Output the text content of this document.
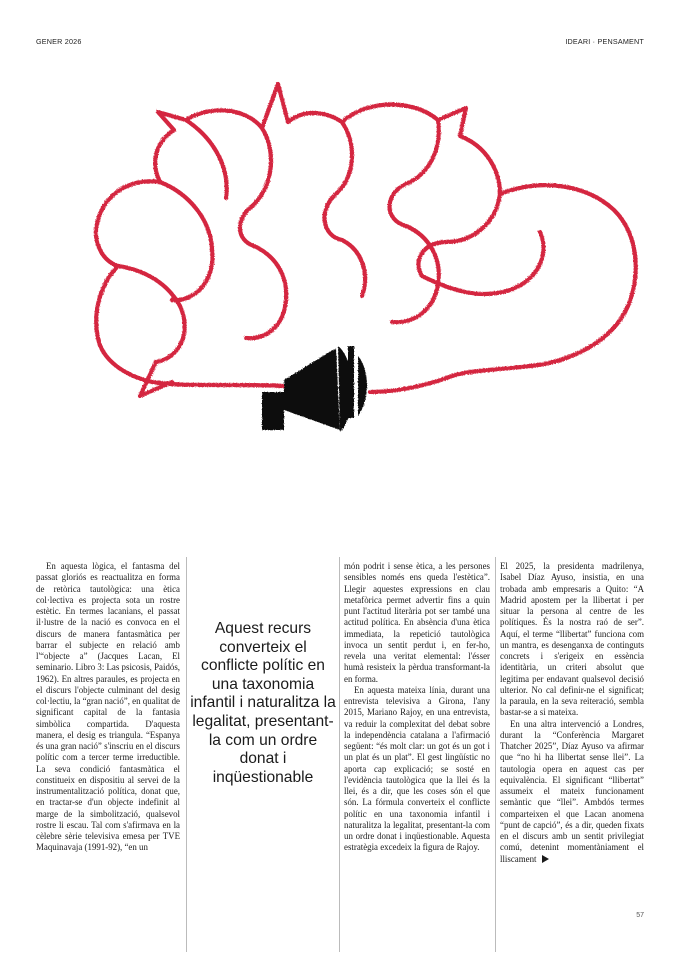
GENER 2026	IDEARI · PENSAMENT

En aquesta lògica, el fantasma del passat gloriós es reactualitza en forma de retòrica tautològica: una ètica col·lectiva es projecta sota un rostre estètic. En termes lacanians, el passat il·lustre de la nació es convoca en el discurs de manera fantasmàtica per barrar el subjecte en relació amb l'“objecte a” (Jacques Lacan, El seminario. Libro 3: Las psicosis, Paidós, 1962). En altres paraules, es projecta en el discurs l'objecte culminant del desig col·lectiu, la “gran nació”, en qualitat de significant capital de la fantasia simbòlica compartida. D'aquesta manera, el desig es triangula. “Espanya és una gran nació” s'inscriu en el discurs polític com a tercer terme irreductible. La seva condició fantasmàtica el constitueix en dispositiu al servei de la instrumentalització política, donat que, en tractar-se d'un objecte indefinit al marge de la simbolització, qualsevol rostre li escau. Tal com s'afirmava en la cèlebre sèrie televisiva emesa per TVE Maquinavaja (1991-92), “en un

Aquest recurs converteix el conflicte polític en una taxonomia infantil i naturalitza la legalitat, presentant-la com un ordre donat i inqüestionable

món podrit i sense ètica, a les persones sensibles només ens queda l'estètica”. Llegir aquestes expressions en clau metafòrica permet advertir fins a quin punt l'actitud literària pot ser també una actitud política. En absència d'una ètica immediata, la repetició tautològica invoca un sentit perdut i, en fer-ho, revela una veritat elemental: l'ésser humà resisteix la pèrdua transformant-la en forma.

En aquesta mateixa línia, durant una entrevista televisiva a Girona, l'any 2015, Mariano Rajoy, en una entrevista, va reduir la complexitat del debat sobre la independència catalana a l'afirmació següent: “és molt clar: un got és un got i un plat és un plat”. El gest lingüístic no aporta cap explicació; se sosté en l'evidència tautològica que la llei és la llei, és a dir, que les coses són el que són. La fórmula converteix el conflicte polític en una taxonomia infantil i naturalitza la legalitat, presentant-la com un ordre donat i inqüestionable. Aquesta estratègia excedeix la figura de Rajoy.

El 2025, la presidenta madrilenya, Isabel Díaz Ayuso, insistia, en una trobada amb empresaris a Quito: “A Madrid apostem per la llibertat i per situar la persona al centre de les polítiques. És la nostra raó de ser”. Aquí, el terme “llibertat” funciona com un mantra, es desenganxa de continguts concrets i s'erigeix en essència identitària, un criteri absolut que legitima per endavant qualsevol decisió ulterior. No cal definir-ne el significat; la paraula, en la seva reiteració, sembla bastar-se a si mateixa.

En una altra intervenció a Londres, durant la “Conferència Margaret Thatcher 2025”, Díaz Ayuso va afirmar que “no hi ha llibertat sense llei”. La tautologia opera en aquest cas per equivalència. El significant “llibertat” assumeix el mateix funcionament semàntic que “llei”. Ambdós termes comparteixen el que Lacan anomena “punt de capció”, és a dir, queden fixats en el discurs amb un sentit privilegiat comú, detenint momentàniament el lliscament

57
